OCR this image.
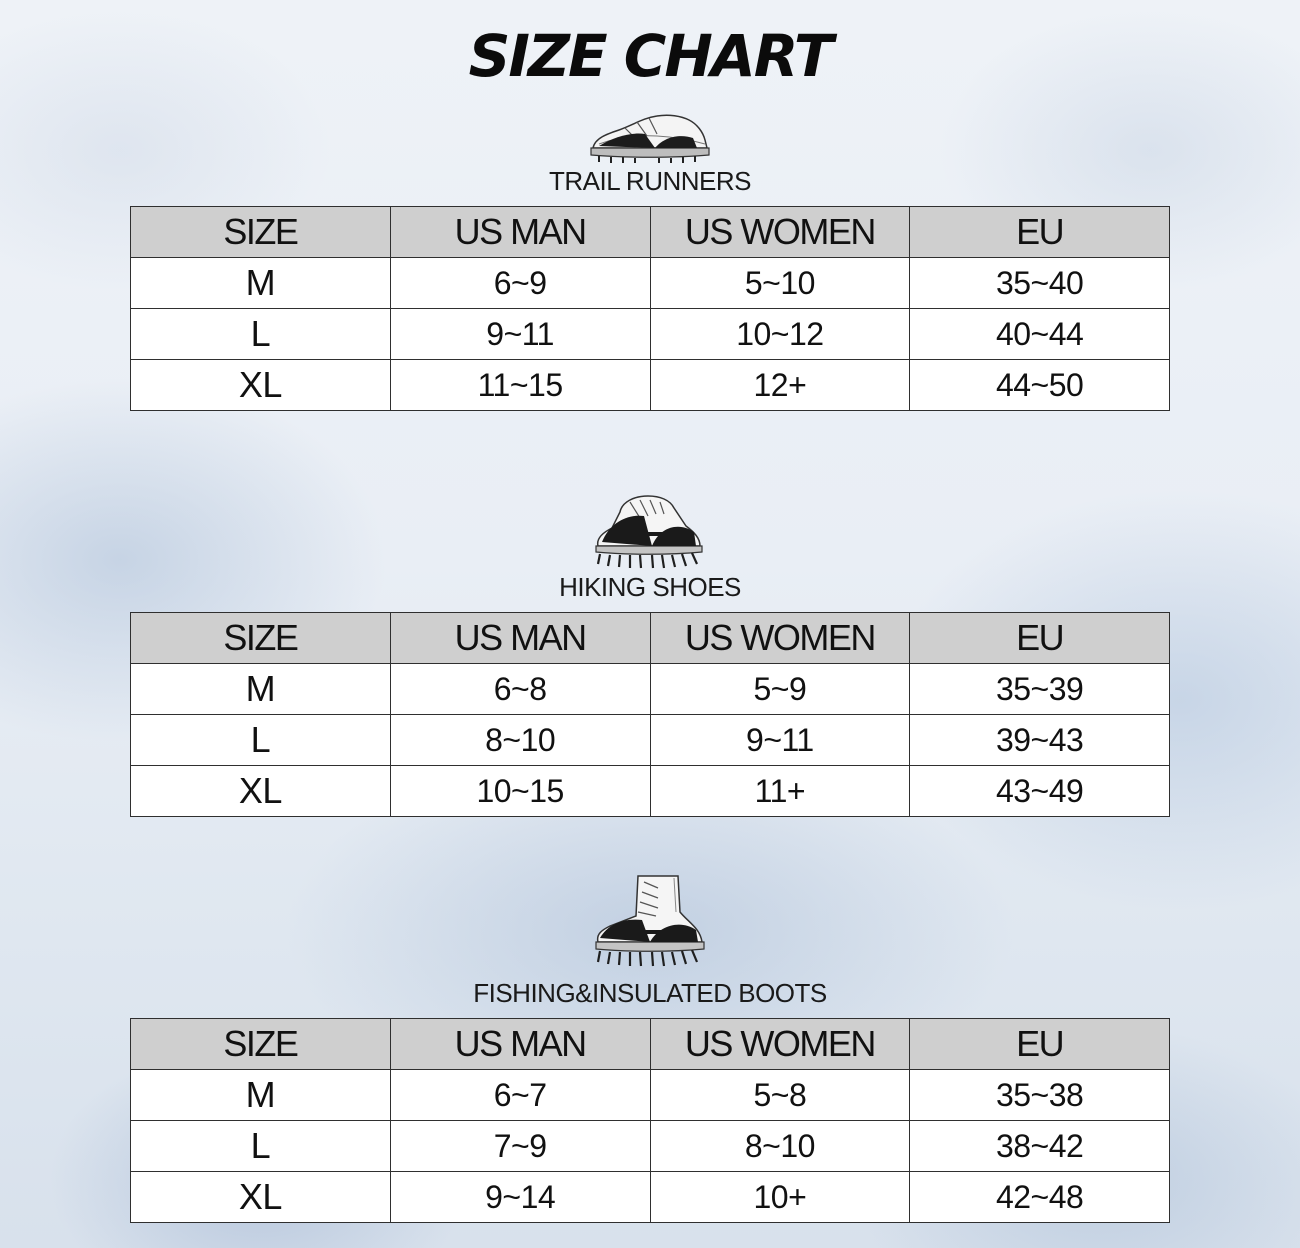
SIZE CHART
TRAIL RUNNERS
SIZE	US MAN	US WOMEN	EU
M	6~9	5~10	35~40
L	9~11	10~12	40~44
XL	11~15	12+	44~50
HIKING SHOES
SIZE	US MAN	US WOMEN	EU
M	6~8	5~9	35~39
L	8~10	9~11	39~43
XL	10~15	11+	43~49
FISHING&INSULATED BOOTS
SIZE	US MAN	US WOMEN	EU
M	6~7	5~8	35~38
L	7~9	8~10	38~42
XL	9~14	10+	42~48
